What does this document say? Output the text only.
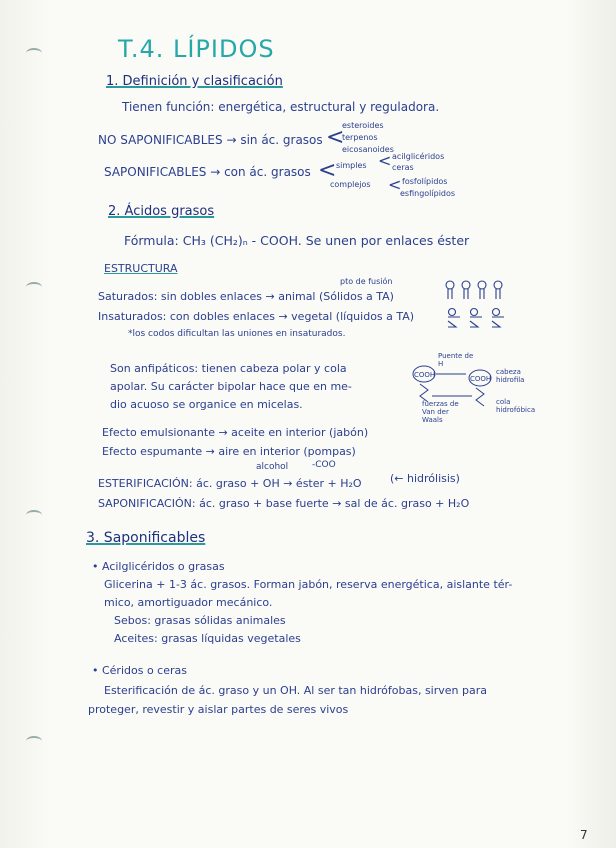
T.4. LÍPIDOS
1. Definición y clasificación
Tienen función: energética, estructural y reguladora.
NO SAPONIFICABLES → sin ác. grasos <
esteroides
terpenos
eicosanoides
SAPONIFICABLES → con ác. grasos < simples
complejos
< acilglicéridos
ceras
< fosfolípidos
esfingolípidos
2. Ácidos grasos
Fórmula: CH₃ (CH₂)ₙ - COOH. Se unen por enlaces éster
ESTRUCTURA
pto de fusión
Saturados: sin dobles enlaces → animal (Sólidos a TA)
Insaturados: con dobles enlaces → vegetal (líquidos a TA)
*los codos dificultan las uniones en insaturados.
Son anfipáticos: tienen cabeza polar y cola
apolar. Su carácter bipolar hace que en me-
dio acuoso se organice en micelas.
Puente de H
COOH	COOH
cabeza hidrofila
fuerzas de Van der Waals
cola hidrofóbica
Efecto emulsionante → aceite en interior (jabón)
Efecto espumante → aire en interior (pompas)
alcohol	-COO
ESTERIFICACIÓN: ác. graso + OH → éster + H₂O	(← hidrólisis)
SAPONIFICACIÓN: ác. graso + base fuerte → sal de ác. graso + H₂O
3. Saponificables
• Acilglicéridos o grasas
Glicerina + 1-3 ác. grasos. Forman jabón, reserva energética, aislante tér-
mico, amortiguador mecánico.
Sebos: grasas sólidas animales
Aceites: grasas líquidas vegetales
• Céridos o ceras
Esterificación de ác. graso y un OH. Al ser tan hidrófobas, sirven para
proteger, revestir y aislar partes de seres vivos
7
